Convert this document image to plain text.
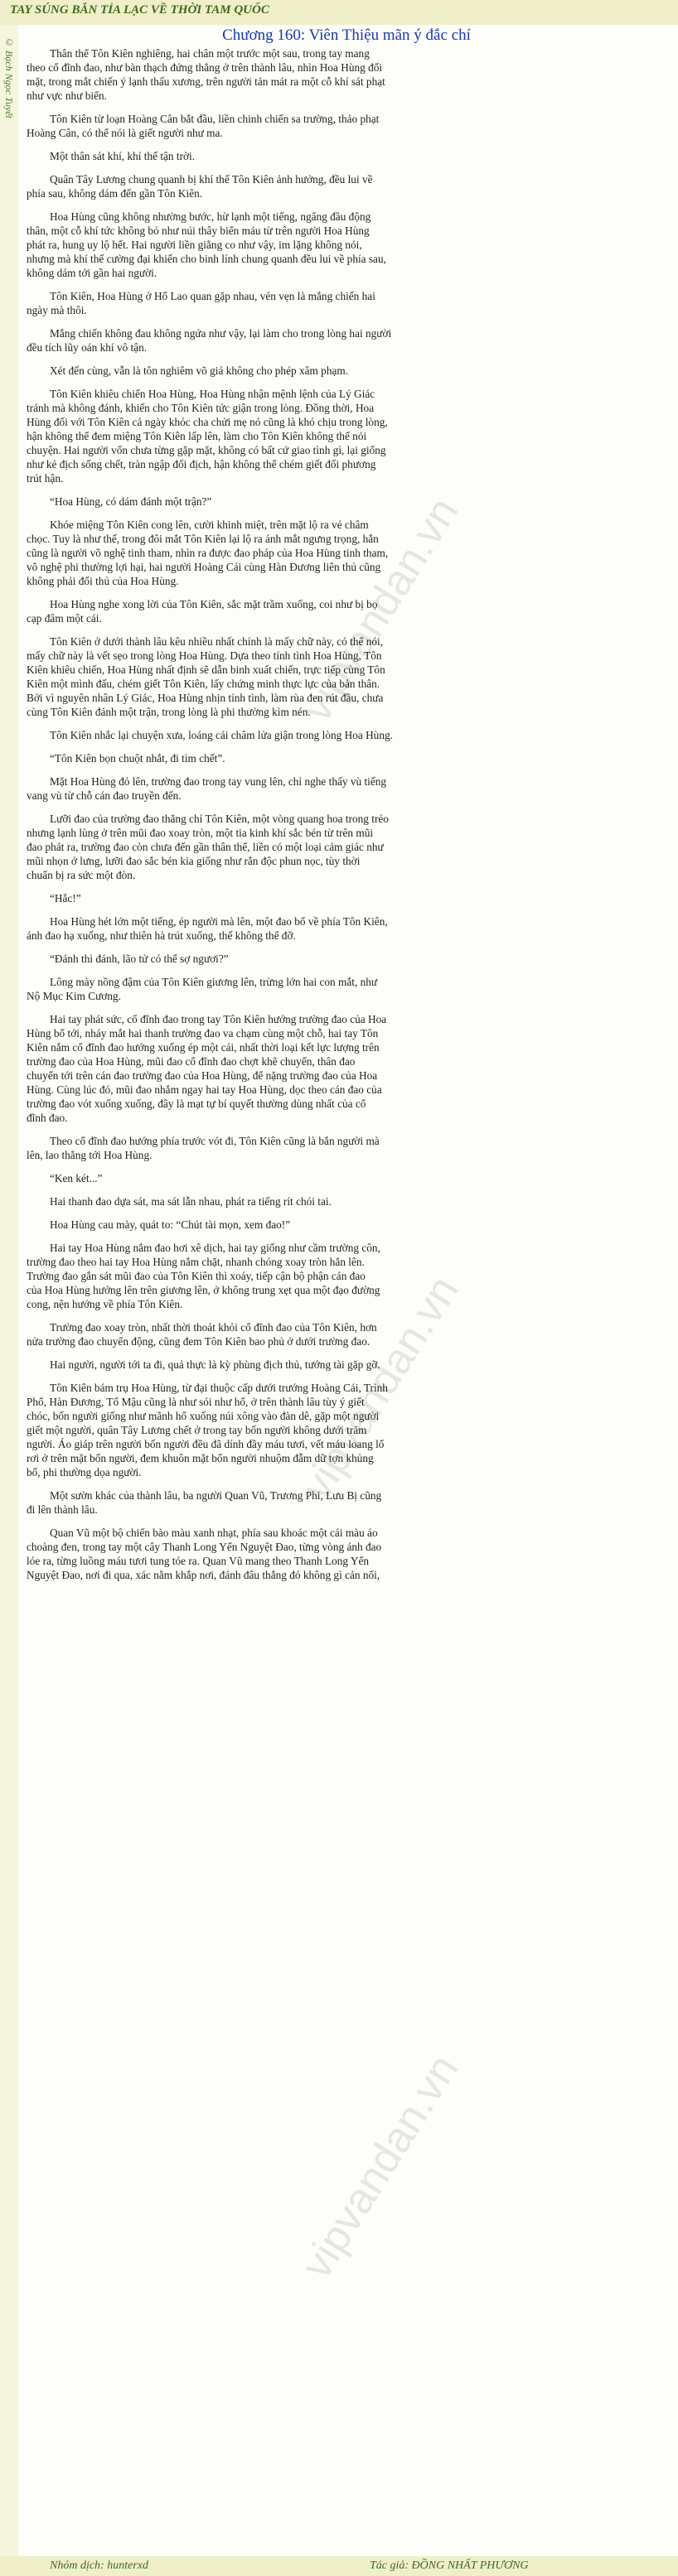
TAY SÚNG BẮN TỈA LẠC VỀ THỜI TAM QUỐC
© Bạch Ngọc Tuyết
vipvandan.vn
vipvandan.vn
vipvandan.vn
Chương 160: Viên Thiệu mãn ý đắc chí
Thân thể Tôn Kiên nghiêng, hai chân một trước một sau, trong tay mang
theo cổ đĩnh đao, như bàn thạch đứng thẳng ở trên thành lâu, nhìn Hoa Hùng đối
mặt, trong mắt chiến ý lạnh thấu xương, trên người tản mát ra một cỗ khí sát phạt
như vực như biển.
Tôn Kiên từ loạn Hoàng Cân bắt đầu, liền chinh chiến sa trường, thảo phạt
Hoàng Cân, có thể nói là giết người như ma.
Một thân sát khí, khí thế tận trời.
Quân Tây Lương chung quanh bị khí thế Tôn Kiên ảnh hưởng, đều lui về
phía sau, không dám đến gần Tôn Kiên.
Hoa Hùng cũng không nhường bước, hừ lạnh một tiếng, ngẩng đầu động
thân, một cỗ khí tức không bỏ như núi thây biển máu từ trên người Hoa Hùng
phát ra, hung uy lộ hết. Hai người liền giằng co như vậy, im lặng không nói,
nhưng mà khí thế cường đại khiến cho binh lính chung quanh đều lui về phía sau,
không dám tới gần hai người.
Tôn Kiên, Hoa Hùng ở Hổ Lao quan gặp nhau, vén vẹn là mắng chiến hai
ngày mà thôi.
Mắng chiến không đau không ngứa như vậy, lại làm cho trong lòng hai người
đều tích lũy oán khí vô tận.
Xét đến cùng, vẫn là tôn nghiêm võ giả không cho phép xâm phạm.
Tôn Kiên khiêu chiến Hoa Hùng, Hoa Hùng nhận mệnh lệnh của Lý Giác
tránh mà không đánh, khiến cho Tôn Kiên tức giận trong lòng. Đồng thời, Hoa
Hùng đối với Tôn Kiên cả ngày khóc cha chửi mẹ nó cũng là khó chịu trong lòng,
hận không thể đem miệng Tôn Kiên lấp lên, làm cho Tôn Kiên không thể nói
chuyện. Hai người vốn chưa từng gặp mặt, không có bất cứ giao tình gì, lại giống
như kẻ địch sống chết, tràn ngập đối địch, hận không thể chém giết đối phương
trút hận.
“Hoa Hùng, có dám đánh một trận?”
Khóe miệng Tôn Kiên cong lên, cười khinh miệt, trên mặt lộ ra vẻ châm
chọc. Tuy là như thế, trong đôi mắt Tôn Kiên lại lộ ra ánh mắt ngưng trọng, hắn
cũng là người võ nghệ tinh tham, nhìn ra được đao pháp của Hoa Hùng tinh tham,
võ nghệ phi thường lợi hại, hai người Hoàng Cái cùng Hàn Đương liên thủ cũng
không phải đối thủ của Hoa Hùng.
Hoa Hùng nghe xong lời của Tôn Kiên, sắc mặt trầm xuống, coi như bị bọ
cạp đâm một cái.
Tôn Kiên ở dưới thành lâu kêu nhiều nhất chính là mấy chữ này, có thể nói,
mấy chữ này là vết sẹo trong lòng Hoa Hùng. Dựa theo tính tình Hoa Hùng, Tôn
Kiên khiêu chiến, Hoa Hùng nhất định sẽ dẫn binh xuất chiến, trực tiếp cùng Tôn
Kiên một mình đấu, chém giết Tôn Kiên, lấy chứng minh thực lực của bản thân.
Bởi vì nguyên nhân Lý Giác, Hoa Hùng nhịn tính tình, làm rùa đen rút đầu, chưa
cùng Tôn Kiên đánh một trận, trong lòng là phi thường kìm nén.
Tôn Kiên nhắc lại chuyện xưa, loáng cái châm lửa giận trong lòng Hoa Hùng.
“Tôn Kiên bọn chuột nhắt, đi tìm chết”.
Mặt Hoa Hùng đỏ lên, trường đao trong tay vung lên, chỉ nghe thấy vù tiếng
vang vù từ chỗ cán đao truyền đến.
Lưỡi đao của trường đao thẳng chỉ Tôn Kiên, một vòng quang hoa trong trẻo
nhưng lạnh lùng ở trên mũi đao xoay tròn, một tia kinh khí sắc bén từ trên mũi
đao phát ra, trường đao còn chưa đến gần thân thể, liền có một loại cảm giác như
mũi nhọn ở lưng, lưỡi đao sắc bén kia giống như rắn độc phun nọc, tùy thời
chuẩn bị ra sức một đòn.
“Hắc!”
Hoa Hùng hét lớn một tiếng, ép người mà lên, một đao bổ về phía Tôn Kiên,
ánh đao hạ xuống, như thiên hà trút xuống, thế không thể đỡ.
“Đánh thì đánh, lão tử có thể sợ ngươi?”
Lông mày nồng đậm của Tôn Kiên giương lên, trừng lớn hai con mắt, như
Nộ Mục Kim Cương.
Hai tay phát sức, cổ đĩnh đao trong tay Tôn Kiên hướng trường đao của Hoa
Hùng bổ tới, nháy mắt hai thanh trường đao va chạm cùng một chỗ, hai tay Tôn
Kiên nắm cổ đĩnh đao hướng xuống ép một cái, nhất thời loại kết lực lượng trên
trường đao của Hoa Hùng, mũi đao cổ đĩnh đao chợt khẽ chuyển, thân đao
chuyển tới trên cán đao trường đao của Hoa Hùng, để nặng trường đao của Hoa
Hùng. Cùng lúc đó, mũi đao nhắm ngay hai tay Hoa Hùng, dọc theo cán đao của
trường đao vót xuống xuống, đây là mạt tự bí quyết thường dùng nhất của cổ
đĩnh đao.
Theo cổ đĩnh đao hướng phía trước vót đi, Tôn Kiên cũng là bắn người mà
lên, lao thẳng tới Hoa Hùng.
“Ken két...”
Hai thanh đao dựa sát, ma sát lẫn nhau, phát ra tiếng rít chói tai.
Hoa Hùng cau mày, quát to: “Chút tài mọn, xem đao!”
Hai tay Hoa Hùng nắm đao hơi xê dịch, hai tay giống như cầm trường côn,
trường đao theo hai tay Hoa Hùng nắm chặt, nhanh chóng xoay tròn hẳn lên.
Trường đao gắn sát mũi đao của Tôn Kiên thì xoáy, tiếp cận bộ phận cán đao
của Hoa Hùng hướng lên trên giương lên, ở không trung xẹt qua một đạo đường
cong, nện hướng về phía Tôn Kiên.
Trường đao xoay tròn, nhất thời thoát khỏi cổ đĩnh đao của Tôn Kiên, hơn
nửa trường đao chuyển động, cũng đem Tôn Kiên bao phủ ở dưới trường đao.
Hai người, người tới ta đi, quả thực là kỳ phùng địch thủ, tướng tài gặp gỡ.
Tôn Kiên bám trụ Hoa Hùng, từ đại thuộc cấp dưới trướng Hoàng Cái, Trình
Phổ, Hàn Đương, Tổ Mậu cũng là như sói như hổ, ở trên thành lâu tùy ý giết
chóc, bốn người giống như mãnh hổ xuống núi xông vào đàn dê, gặp một người
giết một người, quân Tây Lương chết ở trong tay bốn người không dưới trăm
người. Áo giáp trên người bốn người đều đã dính đầy máu tươi, vết máu loang lổ
rơi ở trên mặt bốn người, đem khuôn mặt bốn người nhuộm đẫm dữ tợn khủng
bố, phi thường dọa người.
Một sườn khác của thành lâu, ba người Quan Vũ, Trương Phi, Lưu Bị cũng
đi lên thành lâu.
Quan Vũ một bộ chiến bào màu xanh nhạt, phía sau khoác một cái màu áo
choàng đen, trong tay một cây Thanh Long Yển Nguyệt Đao, từng vòng ánh đao
lóe ra, từng luồng máu tươi tung tóe ra. Quan Vũ mang theo Thanh Long Yển
Nguyệt Đao, nơi đi qua, xác nằm khắp nơi, đánh đâu thắng đó không gì cản nổi,
Nhóm dịch: hunterxd	Tác giả: ĐỒNG NHẤT PHƯƠNG
